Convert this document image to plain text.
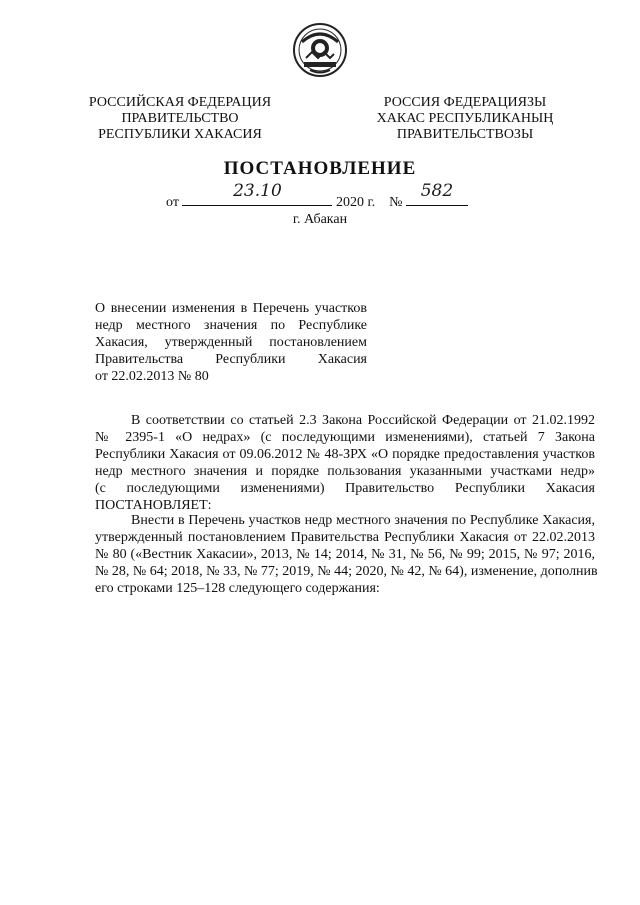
РОССИЙСКАЯ ФЕДЕРАЦИЯ
ПРАВИТЕЛЬСТВО
РЕСПУБЛИКИ ХАКАСИЯ
РОССИЯ ФЕДЕРАЦИЯЗЫ
ХАКАС РЕСПУБЛИКАНЫҢ
ПРАВИТЕЛЬСТВОЗЫ
ПОСТАНОВЛЕНИЕ
от
23.10
2020 г. №
582
г. Абакан
О внесении изменения в Перечень участков
недр местного значения по Республике
Хакасия, утвержденный постановлением
Правительства Республики Хакасия
от 22.02.2013 № 80
В соответствии со статьей 2.3 Закона Российской Федерации от 21.02.1992
№ 2395-1 «О недрах» (с последующими изменениями), статьей 7 Закона
Республики Хакасия от 09.06.2012 № 48-ЗРХ «О порядке предоставления участков
недр местного значения и порядке пользования указанными участками недр»
(с последующими изменениями) Правительство Республики Хакасия
ПОСТАНОВЛЯЕТ:
Внести в Перечень участков недр местного значения по Республике Хакасия,
утвержденный постановлением Правительства Республики Хакасия от 22.02.2013
№ 80 («Вестник Хакасии», 2013, № 14; 2014, № 31, № 56, № 99; 2015, № 97; 2016,
№ 28, № 64; 2018, № 33, № 77; 2019, № 44; 2020, № 42, № 64), изменение, дополнив
его строками 125–128 следующего содержания:
